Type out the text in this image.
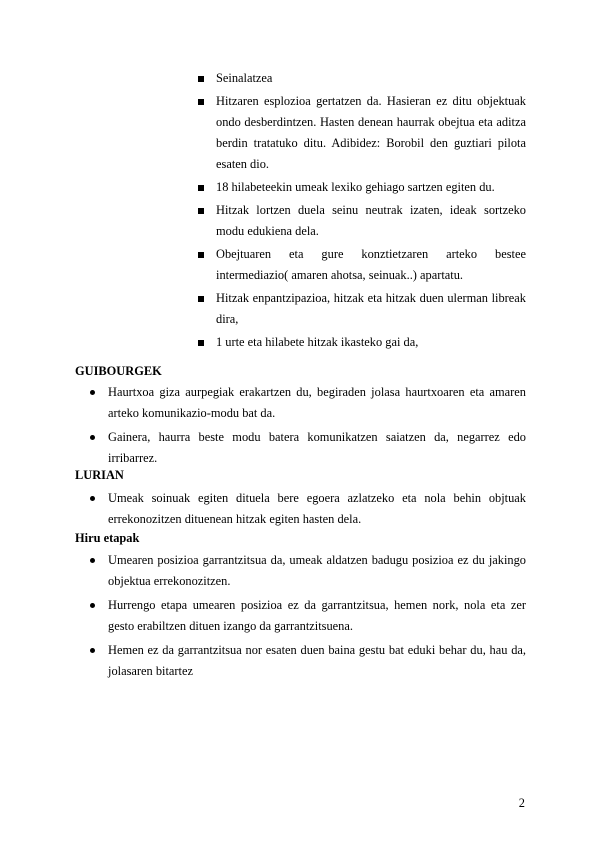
Seinalatzea
Hitzaren esplozioa gertatzen da. Hasieran ez ditu objektuak ondo desberdintzen. Hasten denean haurrak obejtua eta aditza berdin tratatuko ditu. Adibidez: Borobil den guztiari pilota esaten dio.
18 hilabeteekin umeak lexiko gehiago sartzen egiten du.
Hitzak lortzen duela seinu neutrak izaten, ideak sortzeko modu edukiena dela.
Obejtuaren eta gure konztietzaren arteko bestee intermediazio( amaren ahotsa, seinuak..) apartatu.
Hitzak enpantzipazioa, hitzak eta hitzak duen ulerman libreak dira,
1 urte eta hilabete hitzak ikasteko gai da,
GUIBOURGEK
Haurtxoa giza aurpegiak erakartzen du, begiraden jolasa haurtxoaren eta amaren arteko komunikazio-modu bat da.
Gainera, haurra beste modu batera komunikatzen saiatzen da, negarrez edo irribarrez.
LURIAN
Umeak soinuak egiten dituela bere egoera azlatzeko eta nola behin objtuak errekonozitzen dituenean hitzak egiten hasten dela.
Hiru etapak
Umearen posizioa garrantzitsua da, umeak aldatzen badugu posizioa ez du jakingo objektua errekonozitzen.
Hurrengo etapa umearen posizioa ez da garrantzitsua, hemen nork, nola eta zer gesto erabiltzen dituen izango da garrantzitsuena.
Hemen ez da garrantzitsua nor esaten duen baina gestu bat eduki behar du, hau da, jolasaren bitartez
2
